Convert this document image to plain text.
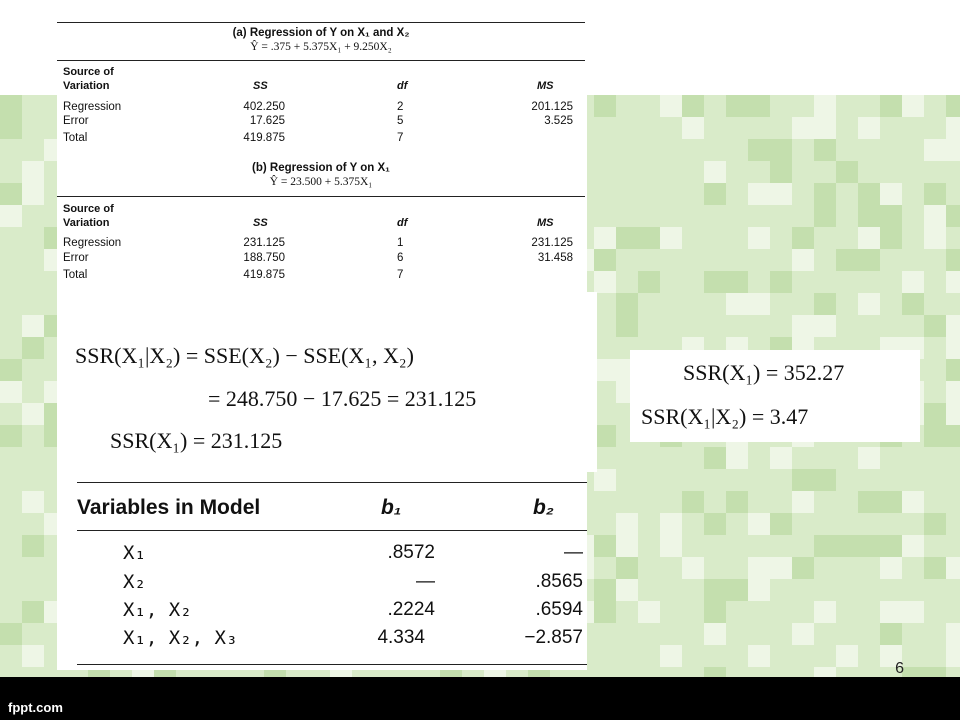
(a) Regression of Y on X₁ and X₂
Ŷ = .375 + 5.375X₁ + 9.250X₂
Source of
Variation	SS	df	MS
Regression	402.250	2	201.125
Error	17.625	5	3.525
Total	419.875	7
(b) Regression of Y on X₁
Ŷ = 23.500 + 5.375X₁
Source of
Variation	SS	df	MS
Regression	231.125	1	231.125
Error	188.750	6	31.458
Total	419.875	7
SSR(X₁|X₂) = SSE(X₂) − SSE(X₁, X₂)
= 248.750 − 17.625 = 231.125
SSR(X₁) = 231.125
SSR(X₁) = 352.27
SSR(X₁|X₂) = 3.47
Variables in Model	b₁	b₂
X₁	.8572	—
X₂	—	.8565
X₁, X₂	.2224	.6594
X₁, X₂, X₃	4.334	−2.857
6
fppt.com
